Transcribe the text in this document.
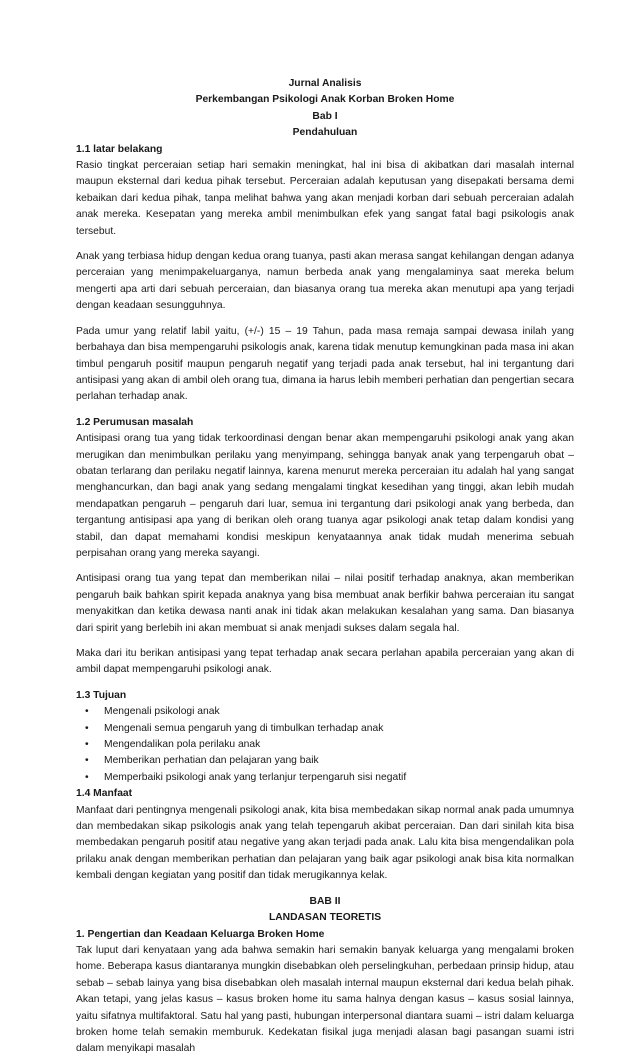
Jurnal Analisis
Perkembangan Psikologi Anak Korban Broken Home
Bab I
Pendahuluan
1.1 latar belakang

Rasio tingkat perceraian setiap hari semakin meningkat, hal ini bisa di akibatkan dari masalah internal maupun eksternal dari kedua pihak tersebut. Perceraian adalah keputusan yang disepakati bersama demi kebaikan dari kedua pihak, tanpa melihat bahwa yang akan menjadi korban dari sebuah perceraian adalah anak mereka. Kesepatan yang mereka ambil menimbulkan efek yang sangat fatal bagi psikologis anak tersebut.

Anak yang terbiasa hidup dengan kedua orang tuanya, pasti akan merasa sangat kehilangan dengan adanya perceraian yang menimpakeluarganya, namun berbeda anak yang mengalaminya saat mereka belum mengerti apa arti dari sebuah perceraian, dan biasanya orang tua mereka akan menutupi apa yang terjadi dengan keadaan sesungguhnya.

Pada umur yang relatif labil yaitu, (+/-) 15 – 19 Tahun, pada masa remaja sampai dewasa inilah yang berbahaya dan bisa mempengaruhi psikologis anak, karena tidak menutup kemungkinan pada masa ini akan timbul pengaruh positif maupun pengaruh negatif yang terjadi pada anak tersebut, hal ini tergantung dari antisipasi yang akan di ambil oleh orang tua, dimana ia harus lebih memberi perhatian dan pengertian secara perlahan terhadap anak.

1.2 Perumusan masalah

Antisipasi orang tua yang tidak terkoordinasi dengan benar akan mempengaruhi psikologi anak yang akan merugikan dan menimbulkan perilaku yang menyimpang, sehingga banyak anak yang terpengaruh obat – obatan terlarang dan perilaku negatif lainnya, karena menurut mereka perceraian itu adalah hal yang sangat menghancurkan, dan bagi anak yang sedang mengalami tingkat kesedihan yang tinggi, akan lebih mudah mendapatkan pengaruh – pengaruh dari luar, semua ini tergantung dari psikologi anak yang berbeda, dan tergantung antisipasi apa yang di berikan oleh orang tuanya agar psikologi anak tetap dalam kondisi yang stabil, dan dapat memahami kondisi meskipun kenyataannya anak tidak mudah menerima sebuah perpisahan orang yang mereka sayangi.

Antisipasi orang tua yang tepat dan memberikan nilai – nilai positif terhadap anaknya, akan memberikan pengaruh baik bahkan spirit kepada anaknya yang bisa membuat anak berfikir bahwa perceraian itu sangat menyakitkan dan ketika dewasa nanti anak ini tidak akan melakukan kesalahan yang sama. Dan biasanya dari spirit yang berlebih ini akan membuat si anak menjadi sukses dalam segala hal.

Maka dari itu berikan antisipasi yang tepat terhadap anak secara perlahan apabila perceraian yang akan di ambil dapat mempengaruhi psikologi anak.

1.3 Tujuan
• Mengenali psikologi anak
• Mengenali semua pengaruh yang di timbulkan terhadap anak
• Mengendalikan pola perilaku anak
• Memberikan perhatian dan pelajaran yang baik
• Memperbaiki psikologi anak yang terlanjur terpengaruh sisi negatif
1.4 Manfaat

Manfaat dari pentingnya mengenali psikologi anak, kita bisa membedakan sikap normal anak pada umumnya dan membedakan sikap psikologis anak yang telah tepengaruh akibat perceraian. Dan dari sinilah kita bisa membedakan pengaruh positif atau negative yang akan terjadi pada anak. Lalu kita bisa mengendalikan pola prilaku anak dengan memberikan perhatian dan pelajaran yang baik agar psikologi anak bisa kita normalkan kembali dengan kegiatan yang positif dan tidak merugikannya kelak.

BAB II
LANDASAN TEORETIS
1. Pengertian dan Keadaan Keluarga Broken Home

Tak luput dari kenyataan yang ada bahwa semakin hari semakin banyak keluarga yang mengalami broken home. Beberapa kasus diantaranya mungkin disebabkan oleh perselingkuhan, perbedaan prinsip hidup, atau sebab – sebab lainya yang bisa disebabkan oleh masalah internal maupun eksternal dari kedua belah pihak. Akan tetapi, yang jelas kasus – kasus broken home itu sama halnya dengan kasus – kasus sosial lainnya, yaitu sifatnya multifaktoral. Satu hal yang pasti, hubungan interpersonal diantara suami – istri dalam keluarga broken home telah semakin memburuk. Kedekatan fisikal juga menjadi alasan bagi pasangan suami istri dalam menyikapi masalah
